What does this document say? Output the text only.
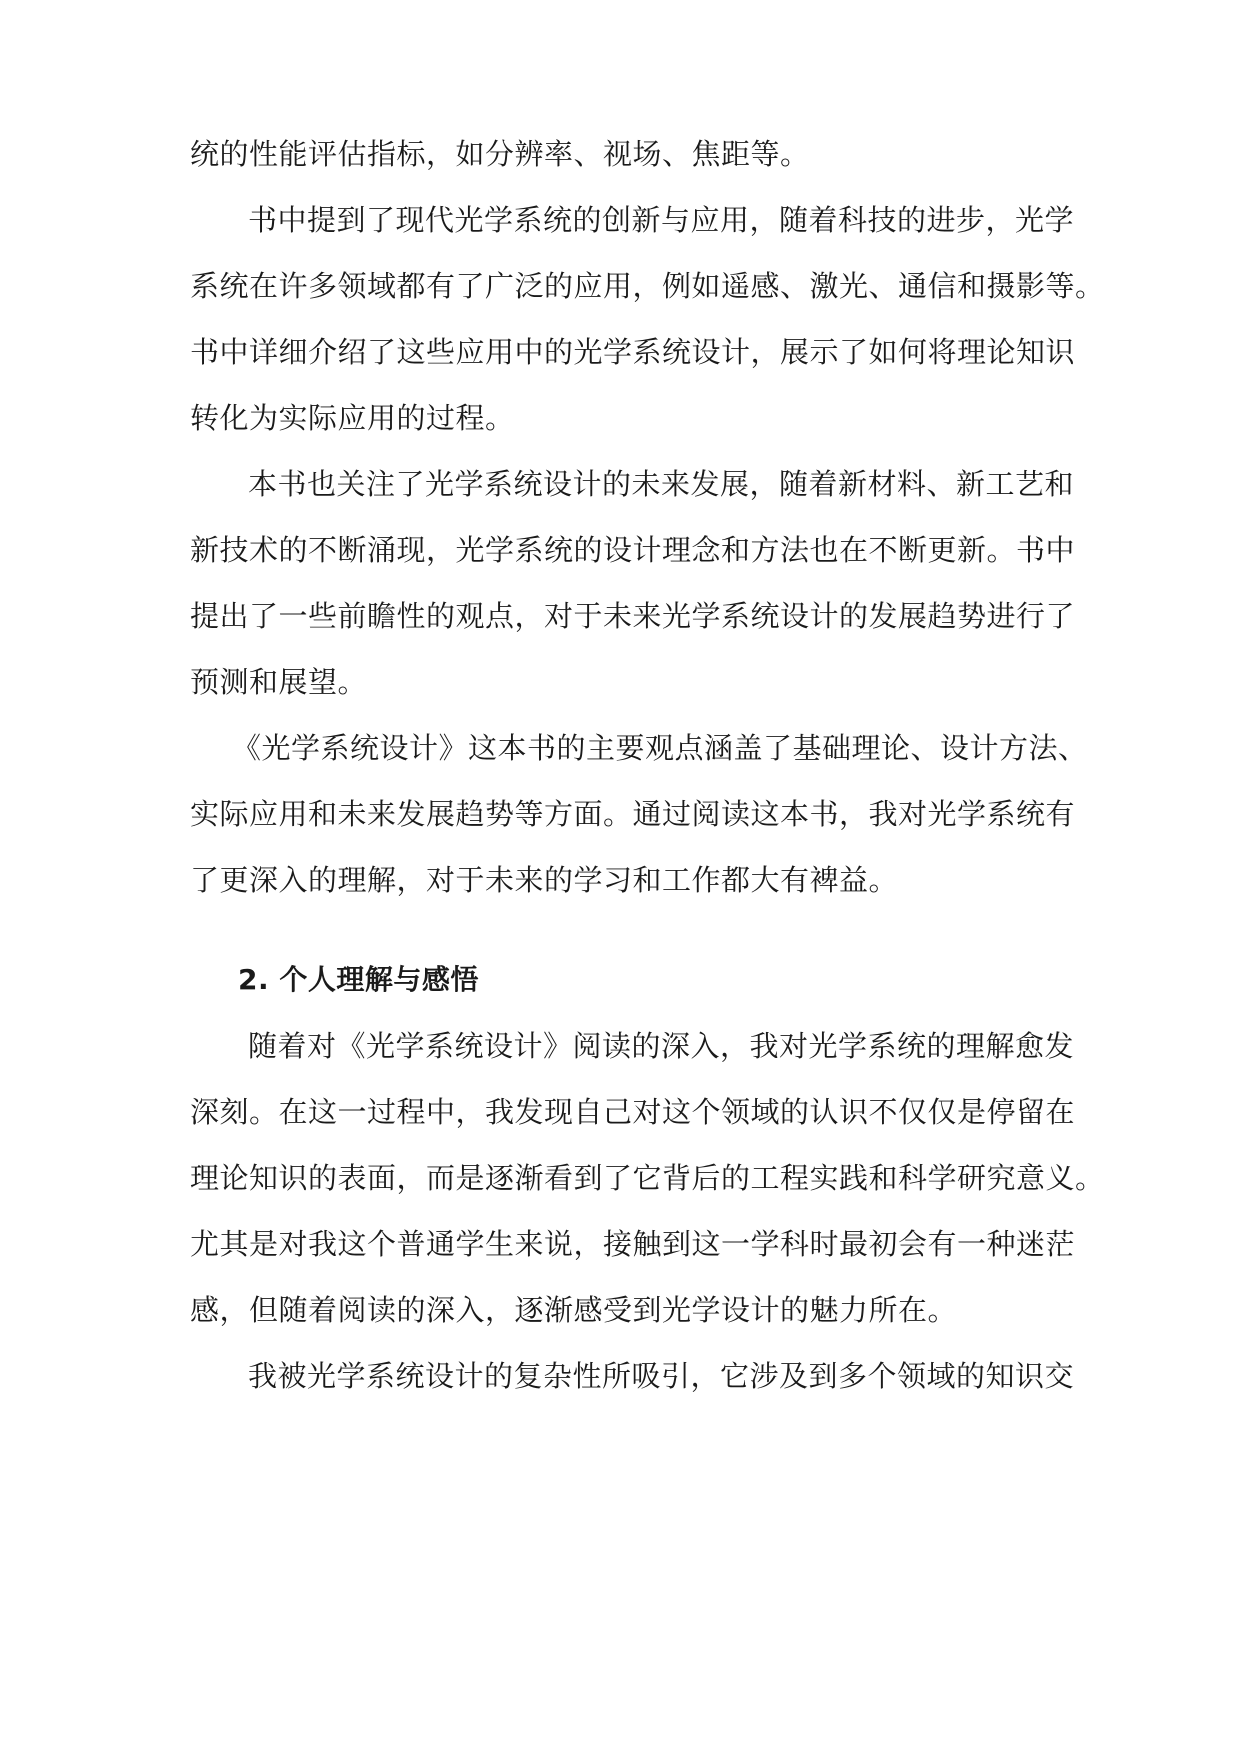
统的性能评估指标，如分辨率、视场、焦距等。
书中提到了现代光学系统的创新与应用，随着科技的进步，光学
系统在许多领域都有了广泛的应用，例如遥感、激光、通信和摄影等。
书中详细介绍了这些应用中的光学系统设计，展示了如何将理论知识
转化为实际应用的过程。
本书也关注了光学系统设计的未来发展，随着新材料、新工艺和
新技术的不断涌现，光学系统的设计理念和方法也在不断更新。书中
提出了一些前瞻性的观点，对于未来光学系统设计的发展趋势进行了
预测和展望。
《光学系统设计》这本书的主要观点涵盖了基础理论、设计方法、
实际应用和未来发展趋势等方面。通过阅读这本书，我对光学系统有
了更深入的理解，对于未来的学习和工作都大有裨益。
2. 个人理解与感悟
随着对《光学系统设计》阅读的深入，我对光学系统的理解愈发
深刻。在这一过程中，我发现自己对这个领域的认识不仅仅是停留在
理论知识的表面，而是逐渐看到了它背后的工程实践和科学研究意义。
尤其是对我这个普通学生来说，接触到这一学科时最初会有一种迷茫
感，但随着阅读的深入，逐渐感受到光学设计的魅力所在。
我被光学系统设计的复杂性所吸引，它涉及到多个领域的知识交
